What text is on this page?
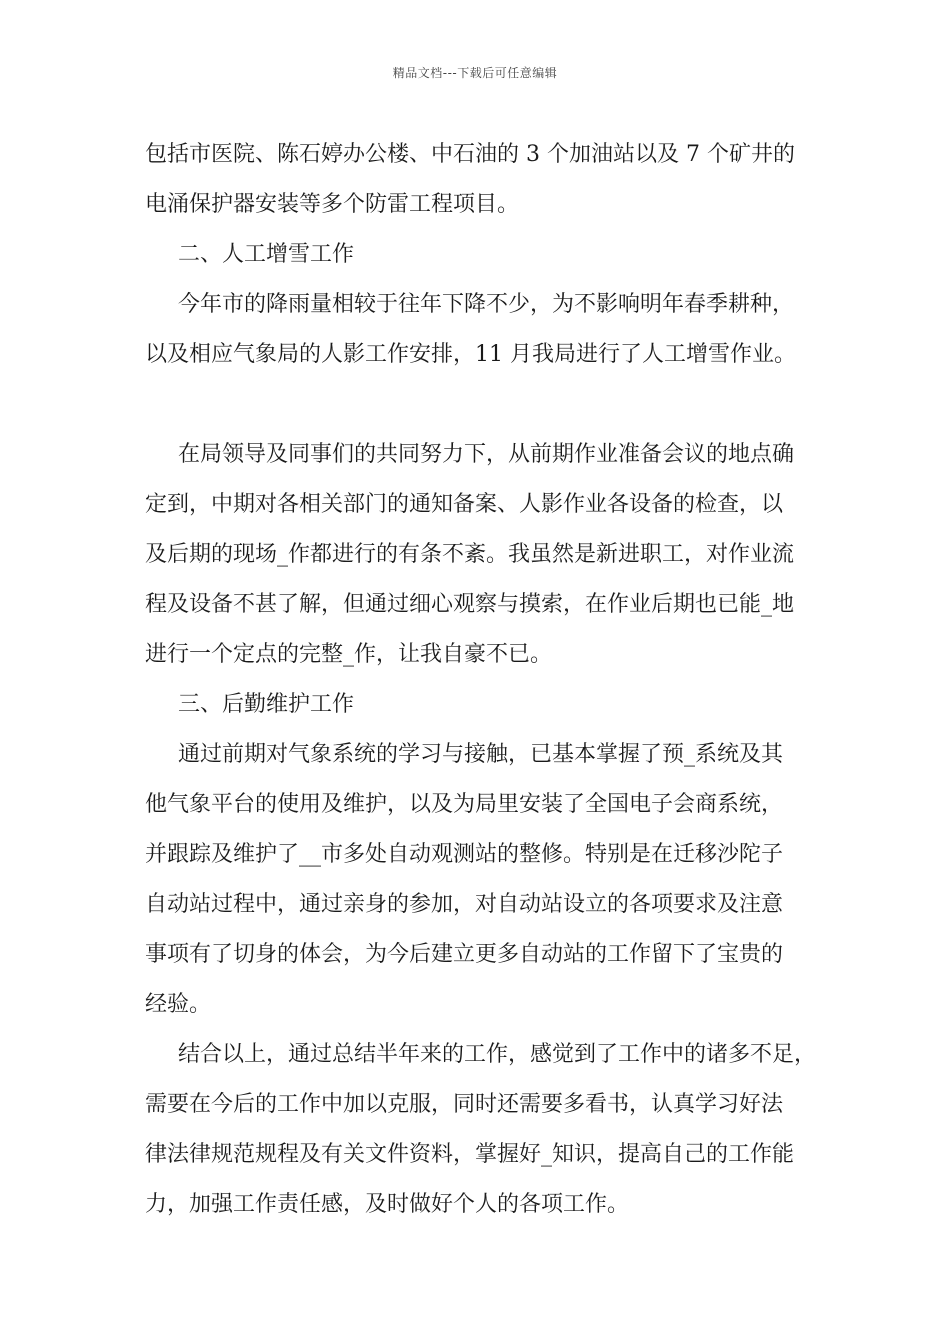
精品文档---下载后可任意编辑
包括市医院、陈石婷办公楼、中石油的 3 个加油站以及 7 个矿井的
电涌保护器安装等多个防雷工程项目。
二、人工增雪工作
今年市的降雨量相较于往年下降不少，为不影响明年春季耕种，
以及相应气象局的人影工作安排，11 月我局进行了人工增雪作业。
在局领导及同事们的共同努力下，从前期作业准备会议的地点确
定到，中期对各相关部门的通知备案、人影作业各设备的检查，以
及后期的现场_作都进行的有条不紊。我虽然是新进职工，对作业流
程及设备不甚了解，但通过细心观察与摸索，在作业后期也已能_地
进行一个定点的完整_作，让我自豪不已。
三、后勤维护工作
通过前期对气象系统的学习与接触，已基本掌握了预_系统及其
他气象平台的使用及维护，以及为局里安装了全国电子会商系统，
并跟踪及维护了__市多处自动观测站的整修。特别是在迁移沙陀子
自动站过程中，通过亲身的参加，对自动站设立的各项要求及注意
事项有了切身的体会，为今后建立更多自动站的工作留下了宝贵的
经验。
结合以上，通过总结半年来的工作，感觉到了工作中的诸多不足，
需要在今后的工作中加以克服，同时还需要多看书，认真学习好法
律法律规范规程及有关文件资料，掌握好_知识，提高自己的工作能
力，加强工作责任感，及时做好个人的各项工作。
